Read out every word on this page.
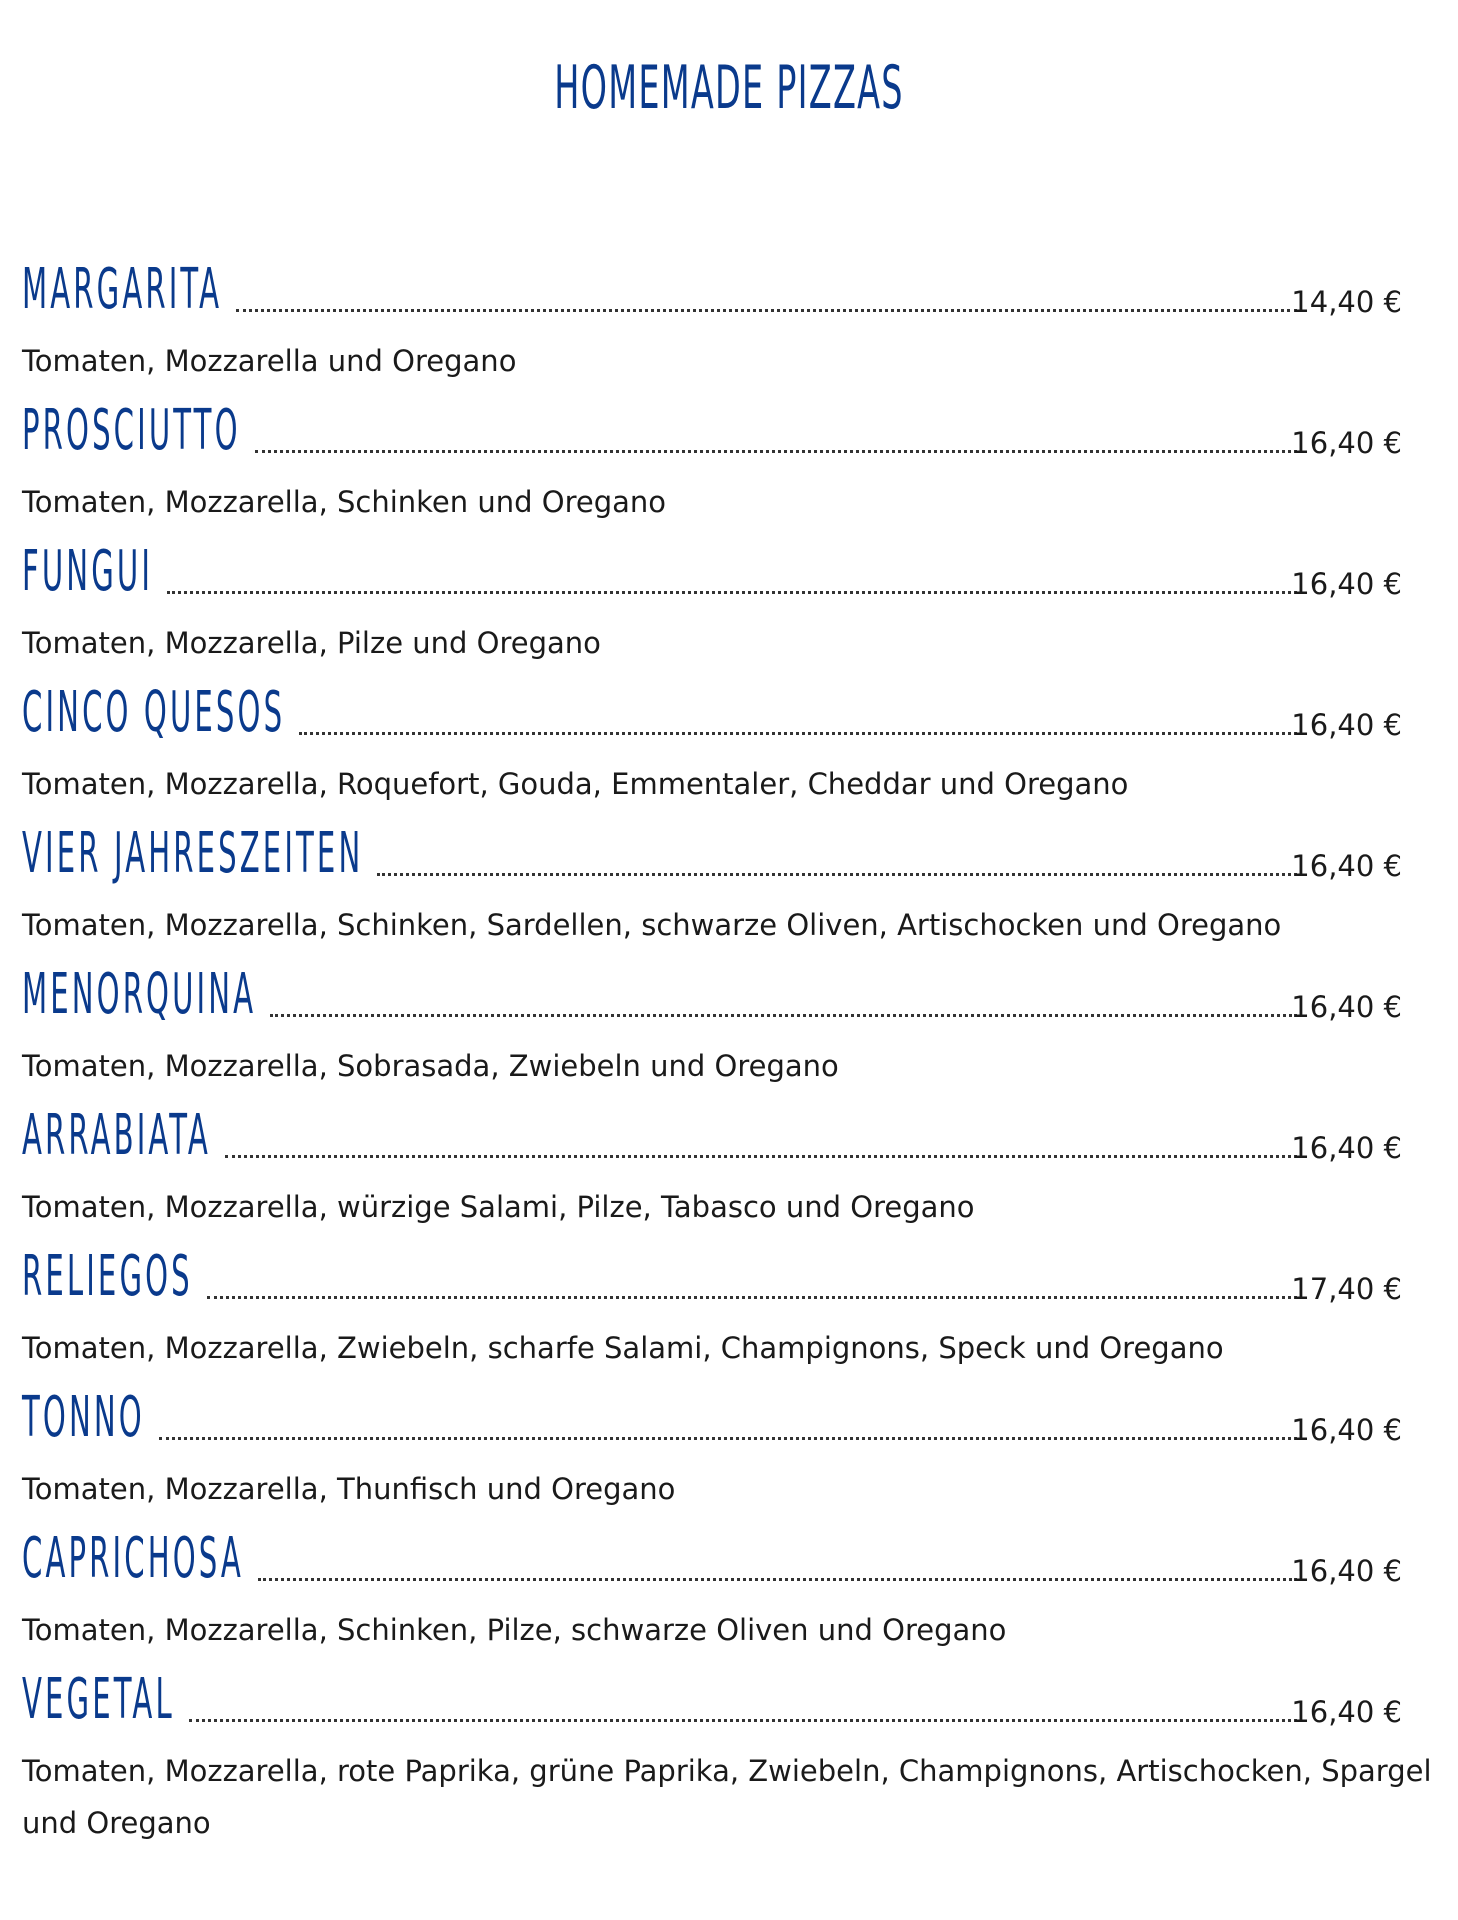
HOMEMADE PIZZAS
MARGARITA	14,40 €
Tomaten, Mozzarella und Oregano
PROSCIUTTO	16,40 €
Tomaten, Mozzarella, Schinken und Oregano
FUNGUI	16,40 €
Tomaten, Mozzarella, Pilze und Oregano
CINCO QUESOS	16,40 €
Tomaten, Mozzarella, Roquefort, Gouda, Emmentaler, Cheddar und Oregano
VIER JAHRESZEITEN	16,40 €
Tomaten, Mozzarella, Schinken, Sardellen, schwarze Oliven, Artischocken und Oregano
MENORQUINA	16,40 €
Tomaten, Mozzarella, Sobrasada, Zwiebeln und Oregano
ARRABIATA	16,40 €
Tomaten, Mozzarella, würzige Salami, Pilze, Tabasco und Oregano
RELIEGOS	17,40 €
Tomaten, Mozzarella, Zwiebeln, scharfe Salami, Champignons, Speck und Oregano
TONNO	16,40 €
Tomaten, Mozzarella, Thunfisch und Oregano
CAPRICHOSA	16,40 €
Tomaten, Mozzarella, Schinken, Pilze, schwarze Oliven und Oregano
VEGETAL	16,40 €
Tomaten, Mozzarella, rote Paprika, grüne Paprika, Zwiebeln, Champignons, Artischocken, Spargel und Oregano
